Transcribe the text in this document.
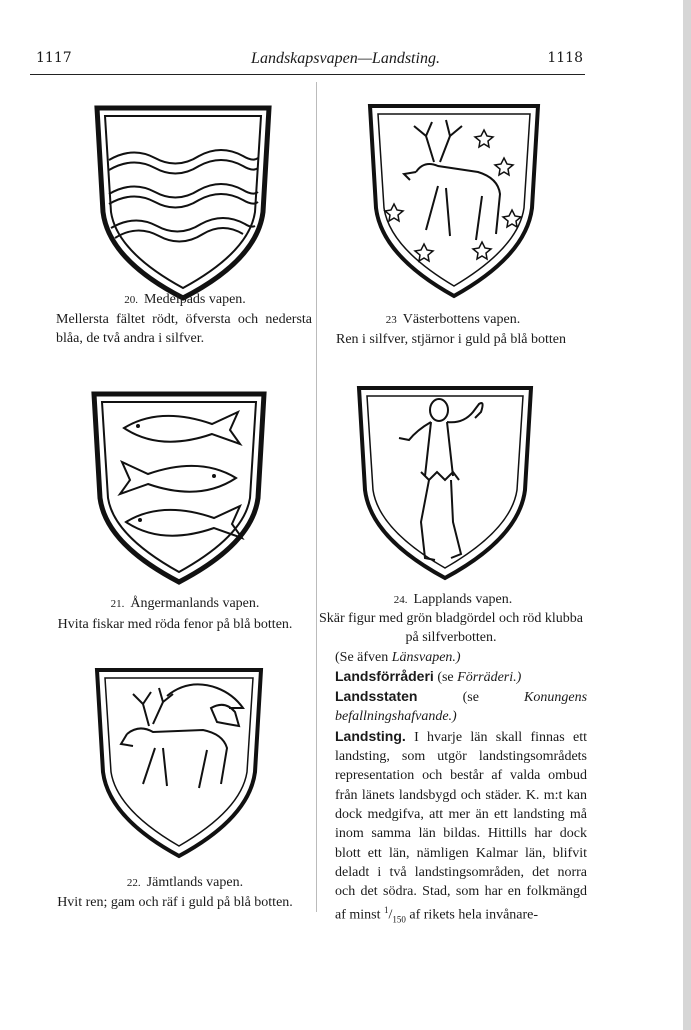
1117	Landskapsvapen—Landsting.	1118
20. Medelpads vapen.
Mellersta fältet rödt, öfversta och nedersta blåa, de två andra i silfver.
21. Ångermanlands vapen.
Hvita fiskar med röda fenor på blå botten.
22. Jämtlands vapen.
Hvit ren; gam och räf i guld på blå botten.
23 Västerbottens vapen.
Ren i silfver, stjärnor i guld på blå botten
24. Lapplands vapen.

Skär figur med grön bladgördel och röd klubba på silfverbotten.

(Se äfven Länsvapen.)

Landsförråderi (se Förräderi.)

Landsstaten	(se	Konungens befallningshafvande.)

Landsting. I hvarje län skall finnas ett landsting, som utgör landstingsområdets representation och består af valda ombud från länets landsbygd och städer. K. m:t kan dock medgifva, att mer än ett landsting må inom samma län bildas. Hittills har dock blott ett län, nämligen Kalmar län, blifvit deladt i två landstingsområden, det norra och det södra. Stad, som har en folkmängd af minst $^1/_{150}$ af rikets hela invånare-
